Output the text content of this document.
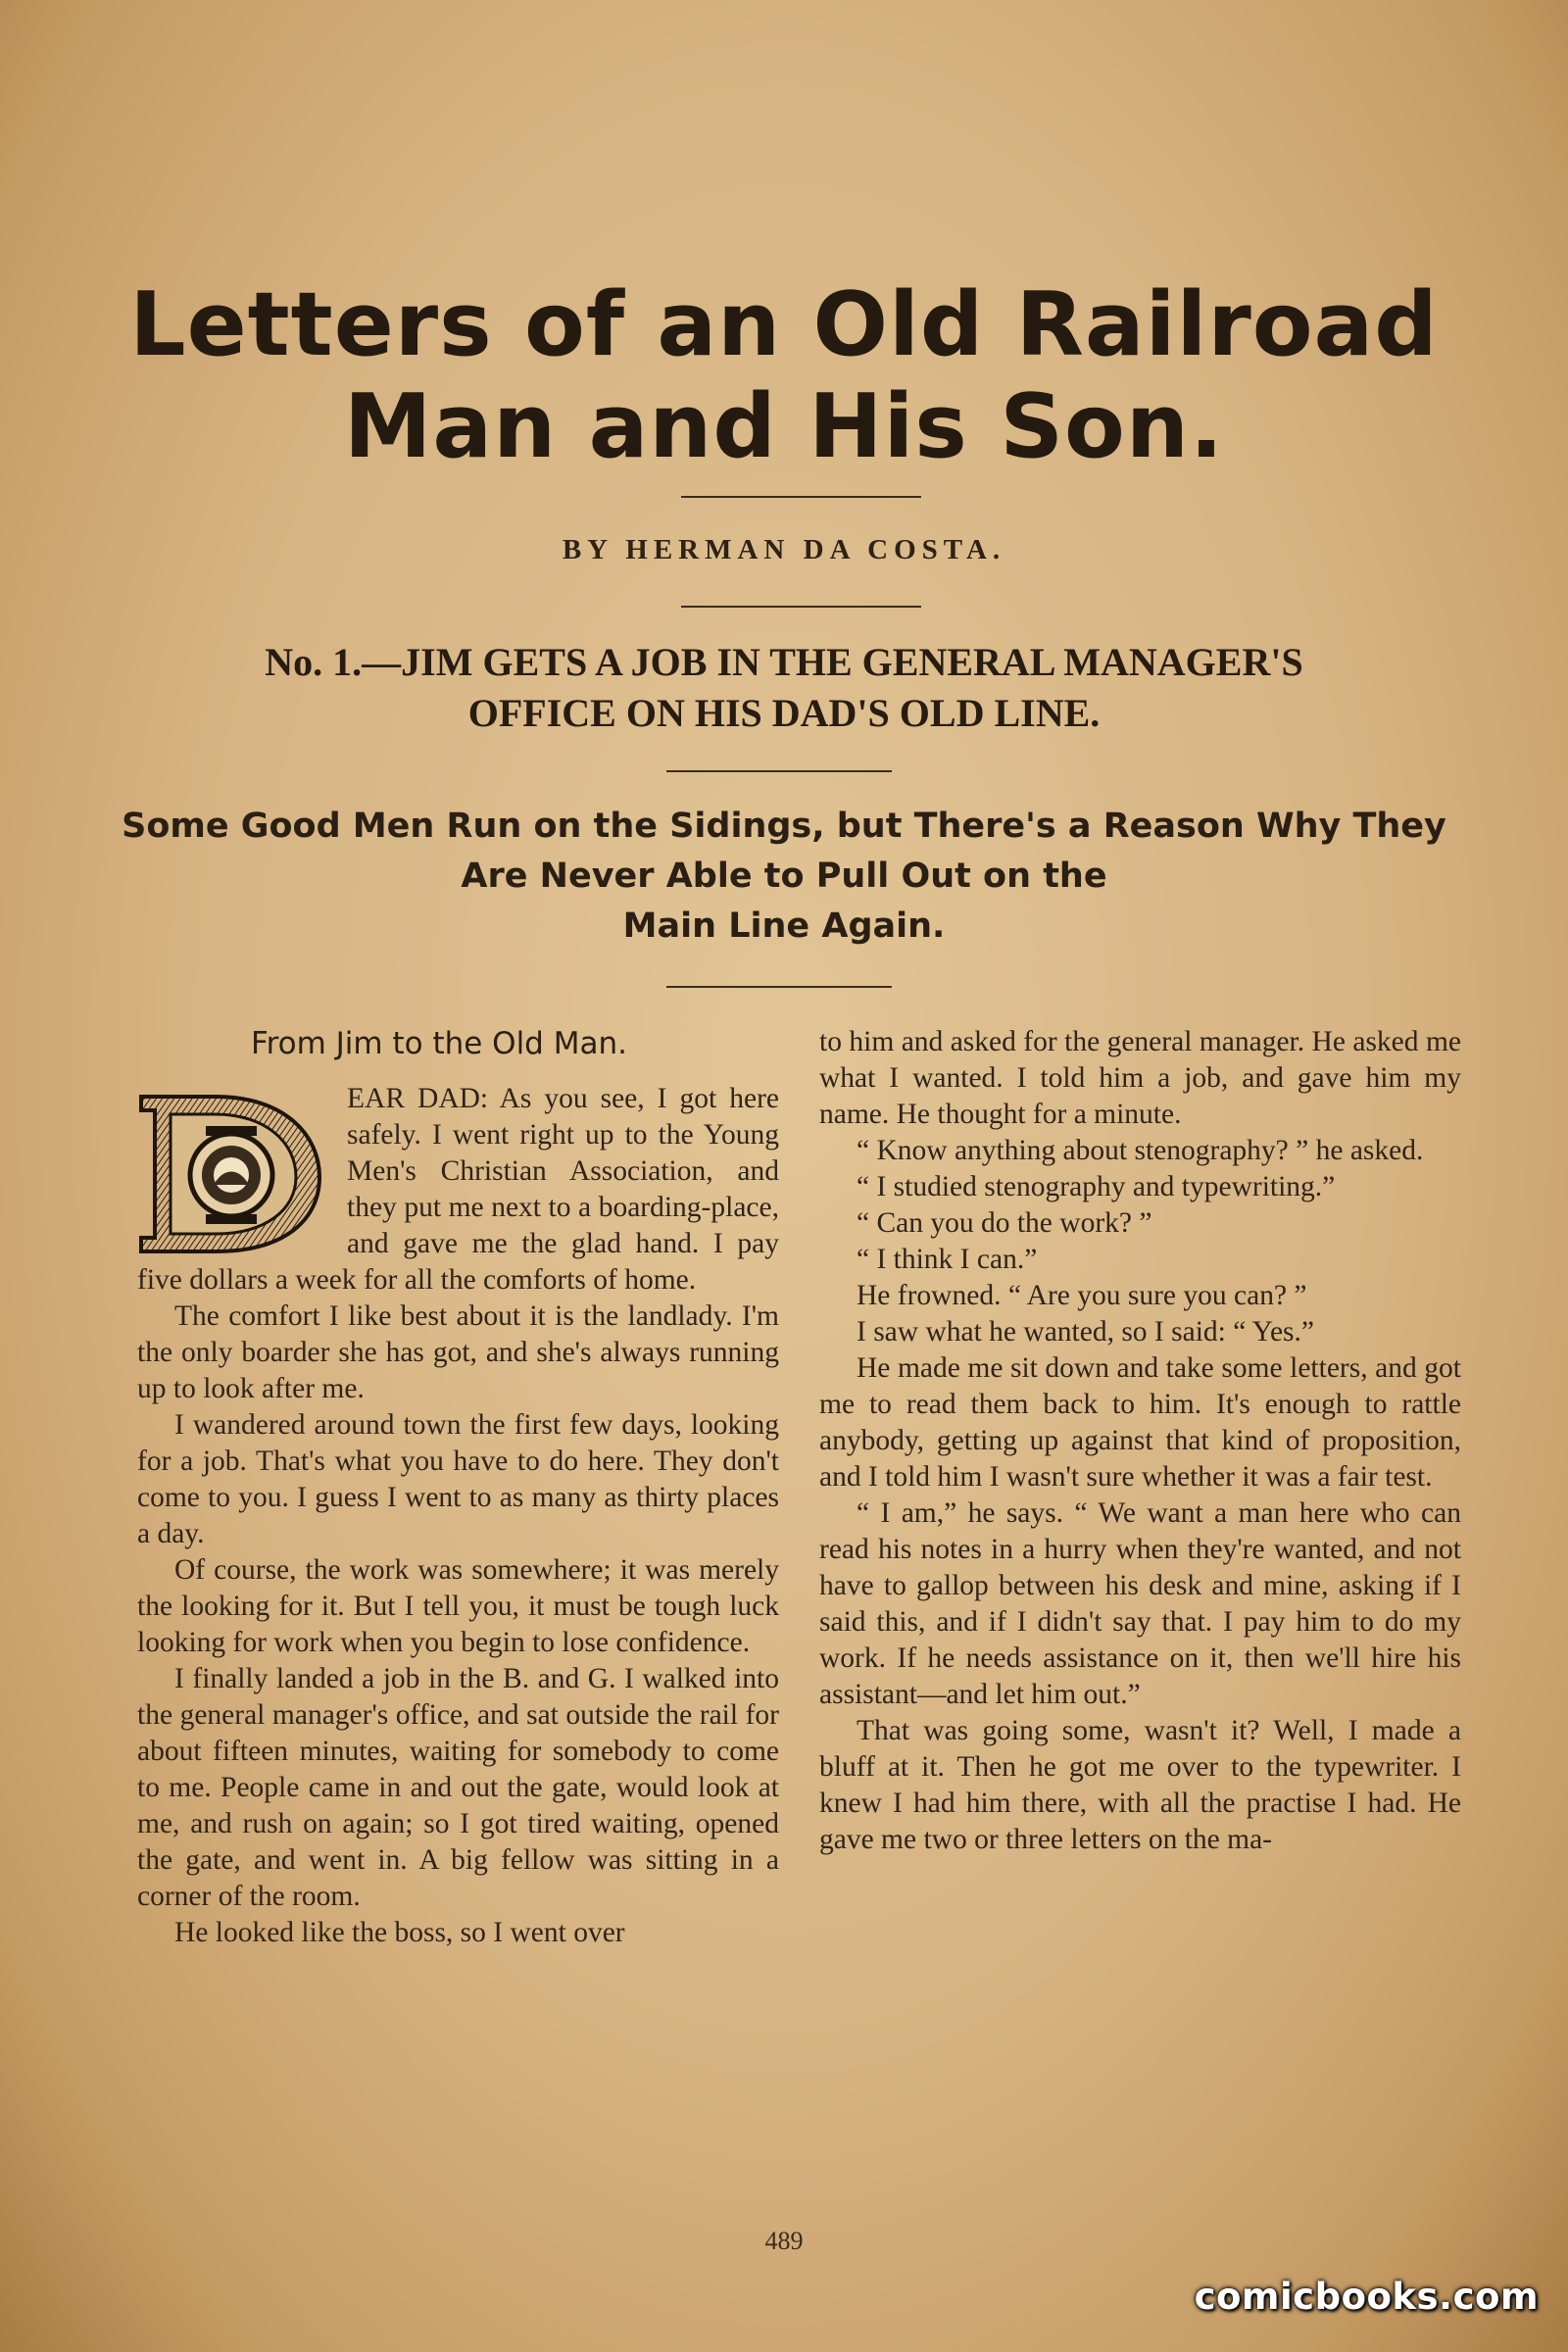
Letters of an Old Railroad
Man and His Son.
BY HERMAN DA COSTA.
No. 1.—JIM GETS A JOB IN THE GENERAL MANAGER'S
OFFICE ON HIS DAD'S OLD LINE.
Some Good Men Run on the Sidings, but There's a Reason Why They
Are Never Able to Pull Out on the
Main Line Again.
From Jim to the Old Man.

EAR DAD: As you see, I got here safely. I went right up to the Young Men's Christian Association, and they put me next to a boarding-place, and gave me the glad hand. I pay five dollars a week for all the comforts of home.

The comfort I like best about it is the landlady. I'm the only boarder she has got, and she's always running up to look after me.

I wandered around town the first few days, looking for a job. That's what you have to do here. They don't come to you. I guess I went to as many as thirty places a day.

Of course, the work was somewhere; it was merely the looking for it. But I tell you, it must be tough luck looking for work when you begin to lose confidence.

I finally landed a job in the B. and G. I walked into the general manager's office, and sat outside the rail for about fifteen minutes, waiting for somebody to come to me. People came in and out the gate, would look at me, and rush on again; so I got tired waiting, opened the gate, and went in. A big fellow was sitting in a corner of the room.

He looked like the boss, so I went over

to him and asked for the general manager. He asked me what I wanted. I told him a job, and gave him my name. He thought for a minute.

“ Know anything about stenography? ” he asked.

“ I studied stenography and typewriting.”

“ Can you do the work? ”

“ I think I can.”

He frowned. “ Are you sure you can? ”

I saw what he wanted, so I said: “ Yes.”

He made me sit down and take some letters, and got me to read them back to him. It's enough to rattle anybody, getting up against that kind of proposition, and I told him I wasn't sure whether it was a fair test.

“ I am,” he says. “ We want a man here who can read his notes in a hurry when they're wanted, and not have to gallop between his desk and mine, asking if I said this, and if I didn't say that. I pay him to do my work. If he needs assistance on it, then we'll hire his assistant—and let him out.”

That was going some, wasn't it? Well, I made a bluff at it. Then he got me over to the typewriter. I knew I had him there, with all the practise I had. He gave me two or three letters on the ma-

489
comicbooks.com
